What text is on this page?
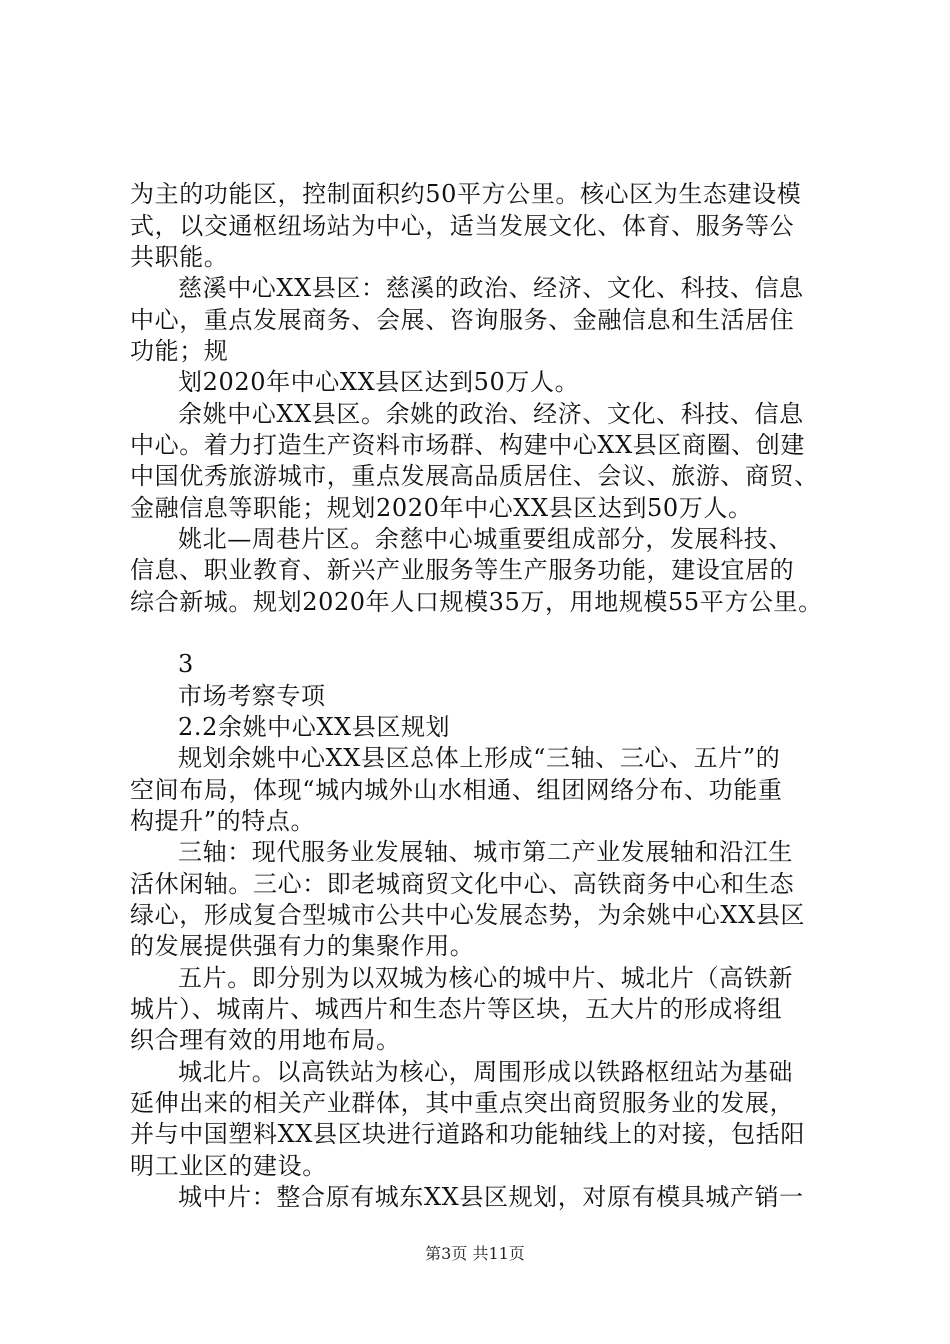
为主的功能区，控制面积约50平方公里。核心区为生态建设模
式，以交通枢纽场站为中心，适当发展文化、体育、服务等公
共职能。
慈溪中心XX县区：慈溪的政治、经济、文化、科技、信息
中心，重点发展商务、会展、咨询服务、金融信息和生活居住
功能；规
划2020年中心XX县区达到50万人。
余姚中心XX县区。余姚的政治、经济、文化、科技、信息
中心。着力打造生产资料市场群、构建中心XX县区商圈、创建
中国优秀旅游城市，重点发展高品质居住、会议、旅游、商贸、
金融信息等职能；规划2020年中心XX县区达到50万人。
姚北—周巷片区。余慈中心城重要组成部分，发展科技、
信息、职业教育、新兴产业服务等生产服务功能，建设宜居的
综合新城。规划2020年人口规模35万，用地规模55平方公里。
3
市场考察专项
2.2余姚中心XX县区规划
规划余姚中心XX县区总体上形成“三轴、三心、五片”的
空间布局，体现“城内城外山水相通、组团网络分布、功能重
构提升”的特点。
三轴：现代服务业发展轴、城市第二产业发展轴和沿江生
活休闲轴。三心：即老城商贸文化中心、高铁商务中心和生态
绿心，形成复合型城市公共中心发展态势，为余姚中心XX县区
的发展提供强有力的集聚作用。
五片。即分别为以双城为核心的城中片、城北片（高铁新
城片）、城南片、城西片和生态片等区块，五大片的形成将组
织合理有效的用地布局。
城北片。以高铁站为核心，周围形成以铁路枢纽站为基础
延伸出来的相关产业群体，其中重点突出商贸服务业的发展，
并与中国塑料XX县区块进行道路和功能轴线上的对接，包括阳
明工业区的建设。
城中片：整合原有城东XX县区规划，对原有模具城产销一
第3页 共11页
